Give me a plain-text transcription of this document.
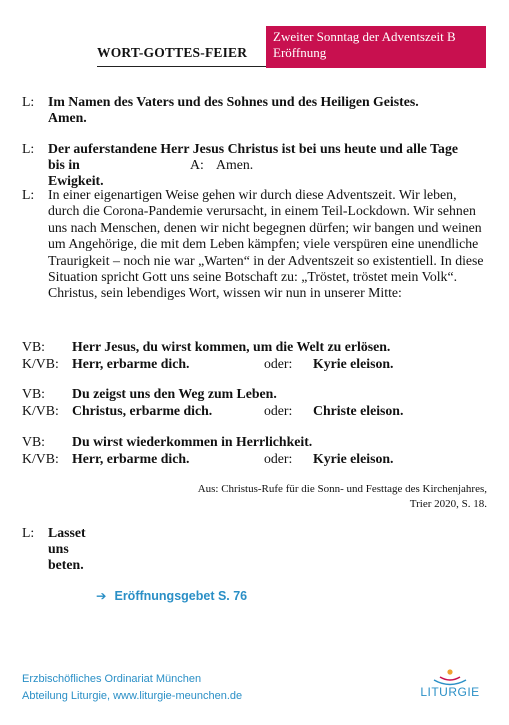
WORT-GOTTES-FEIER
Zweiter Sonntag der Adventszeit B
Eröffnung
L: Im Namen des Vaters und des Sohnes und des Heiligen Geistes.
Amen.
L: Der auferstandene Herr Jesus Christus ist bei uns heute und alle Tage
bis in Ewigkeit.
A: Amen.
L: In einer eigenartigen Weise gehen wir durch diese Adventszeit. Wir leben, durch die Corona-Pandemie verursacht, in einem Teil-Lockdown. Wir sehnen uns nach Menschen, denen wir nicht begegnen dürfen; wir bangen und weinen um Angehörige, die mit dem Leben kämpfen; viele verspüren eine unendliche Traurigkeit – noch nie war „Warten“ in der Adventszeit so existentiell. In diese Situation spricht Gott uns seine Botschaft zu: „Tröstet, tröstet mein Volk“. Christus, sein lebendiges Wort, wissen wir nun in unserer Mitte:
VB: Herr Jesus, du wirst kommen, um die Welt zu erlösen.
K/VB: Herr, erbarme dich.	oder: Kyrie eleison.
VB: Du zeigst uns den Weg zum Leben.
K/VB: Christus, erbarme dich.	oder: Christe eleison.
VB: Du wirst wiederkommen in Herrlichkeit.
K/VB: Herr, erbarme dich.	oder: Kyrie eleison.
Aus: Christus-Rufe für die Sonn- und Festtage des Kirchenjahres,
Trier 2020, S. 18.
L: Lasset uns beten.
➔ Eröffnungsgebet S. 76
Erzbischöfliches Ordinariat München
Abteilung Liturgie, www.liturgie-meunchen.de	LITURGIE
